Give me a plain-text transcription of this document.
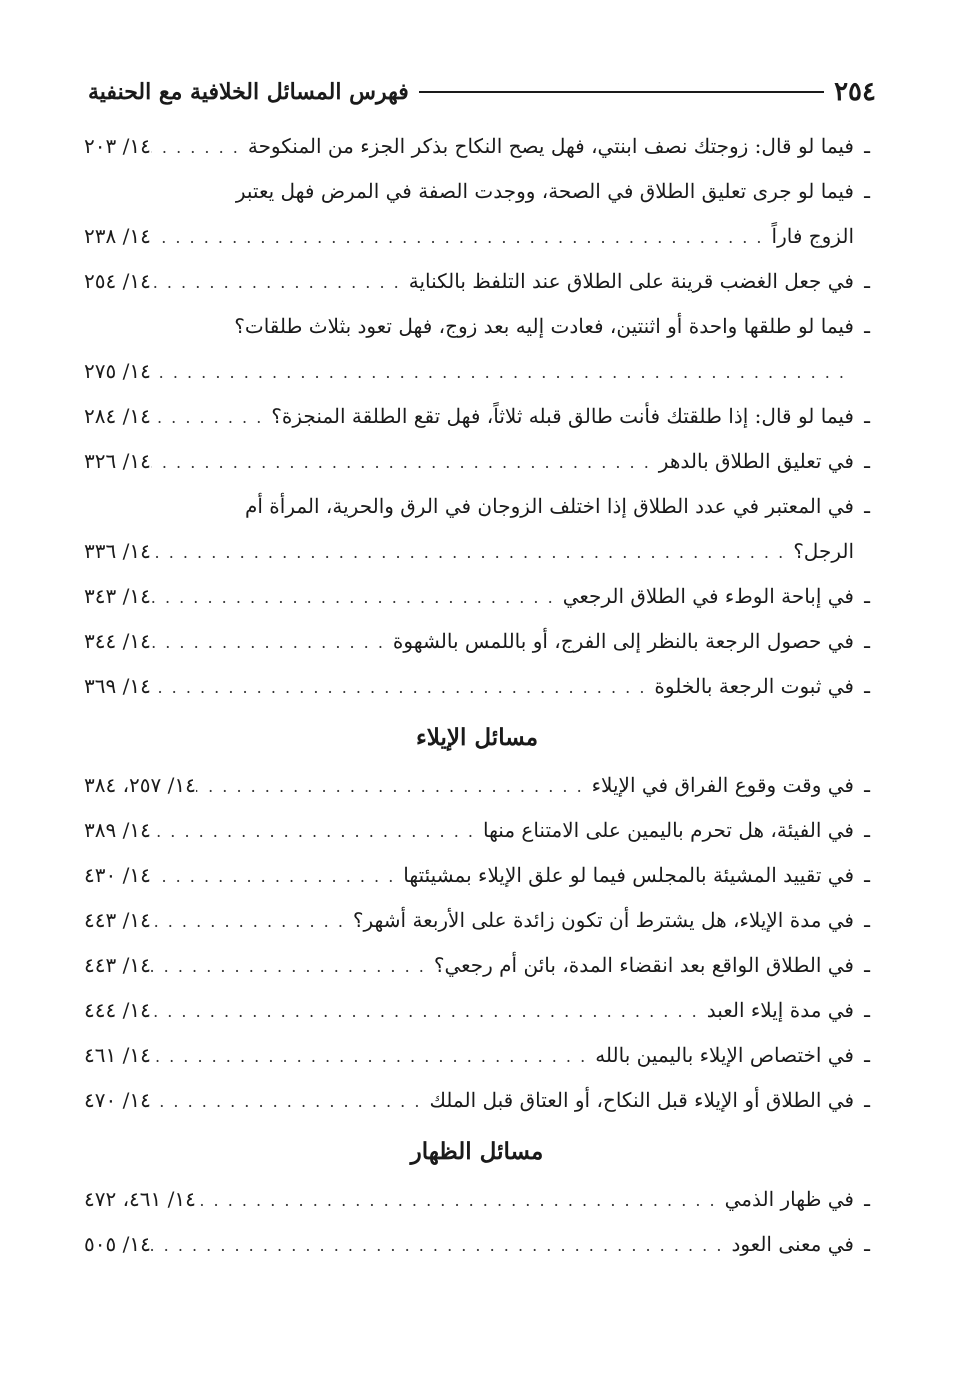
٢٥٤
فهرس المسائل الخلافية مع الحنفية
ـ
فيما لو قال: زوجتك نصف ابنتي، فهل يصح النكاح بذكر الجزء من المنكوحة
. . .
١٤/ ٢٠٣
ـ
فيما لو جرى تعليق الطلاق في الصحة، ووجدت الصفة في المرض فهل يعتبر
الزوج فاراً
. . .
١٤/ ٢٣٨
ـ
في جعل الغضب قرينة على الطلاق عند التلفظ بالكناية
. . .
١٤/ ٢٥٤
ـ
فيما لو طلقها واحدة أو اثنتين، فعادت إليه بعد زوج، فهل تعود بثلاث طلقات؟
. . .
١٤/ ٢٧٥
ـ
فيما لو قال: إذا طلقتك فأنت طالق قبله ثلاثاً، فهل تقع الطلقة المنجزة؟
. . .
١٤/ ٢٨٤
ـ
في تعليق الطلاق بالدهر
. . .
١٤/ ٣٢٦
ـ
في المعتبر في عدد الطلاق إذا اختلف الزوجان في الرق والحرية، المرأة أم
الرجل؟
. . .
١٤/ ٣٣٦
ـ
في إباحة الوطء في الطلاق الرجعي
. . .
١٤/ ٣٤٣
ـ
في حصول الرجعة بالنظر إلى الفرج، أو باللمس بالشهوة
. . .
١٤/ ٣٤٤
ـ
في ثبوت الرجعة بالخلوة
. . .
١٤/ ٣٦٩
مسائل الإيلاء
ـ
في وقت وقوع الفراق في الإيلاء
. . .
١٤/ ٢٥٧، ٣٨٤
ـ
في الفيئة، هل تحرم باليمين على الامتناع منها
. . .
١٤/ ٣٨٩
ـ
في تقييد المشيئة بالمجلس فيما لو علق الإيلاء بمشيئتها
. . .
١٤/ ٤٣٠
ـ
في مدة الإيلاء، هل يشترط أن تكون زائدة على الأربعة أشهر؟
. . .
١٤/ ٤٤٣
ـ
في الطلاق الواقع بعد انقضاء المدة، بائن أم رجعي؟
. . .
١٤/ ٤٤٣
ـ
في مدة إيلاء العبد
. . .
١٤/ ٤٤٤
ـ
في اختصاص الإيلاء باليمين بالله
. . .
١٤/ ٤٦١
ـ
في الطلاق أو الإيلاء قبل النكاح، أو العتاق قبل الملك
. . .
١٤/ ٤٧٠
مسائل الظهار
ـ
في ظهار الذمي
. . .
١٤/ ٤٦١، ٤٧٢
ـ
في معنى العود
. . .
١٤/ ٥٠٥
